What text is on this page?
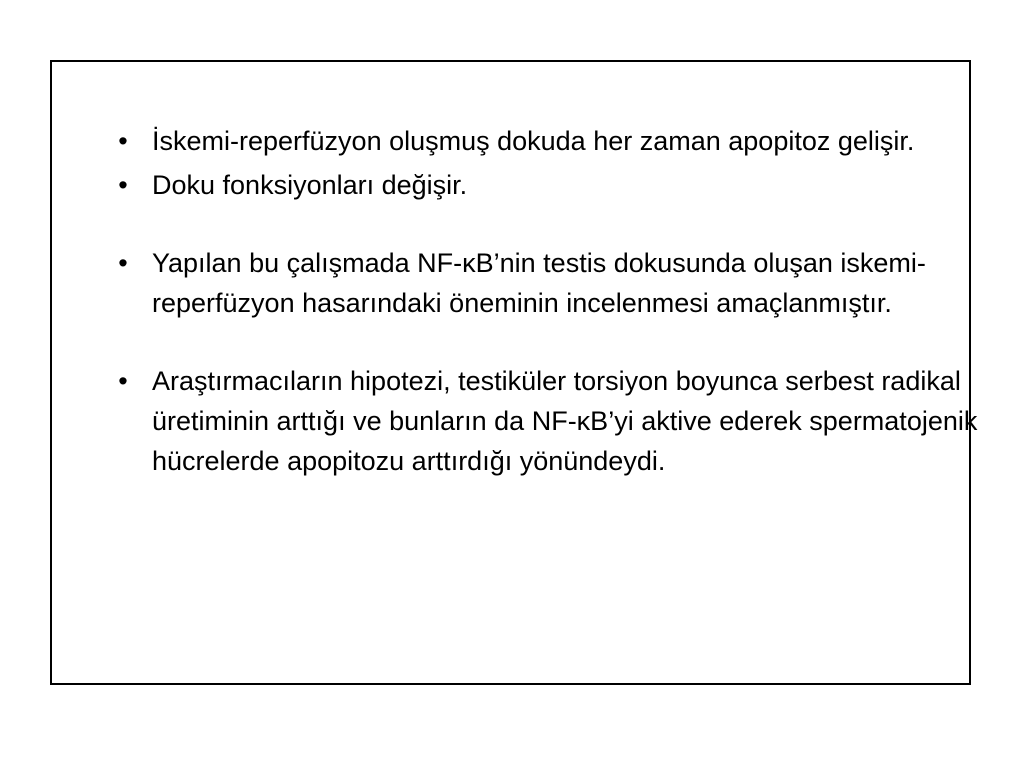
• İskemi-reperfüzyon oluşmuş dokuda her zaman apopitoz gelişir.
• Doku fonksiyonları değişir.
• Yapılan bu çalışmada NF-κB’nin testis dokusunda oluşan iskemi-reperfüzyon hasarındaki öneminin incelenmesi amaçlanmıştır.
• Araştırmacıların hipotezi, testiküler torsiyon boyunca serbest radikal üretiminin arttığı ve bunların da NF-κB’yi aktive ederek spermatojenik hücrelerde apopitozu arttırdığı yönündeydi.
